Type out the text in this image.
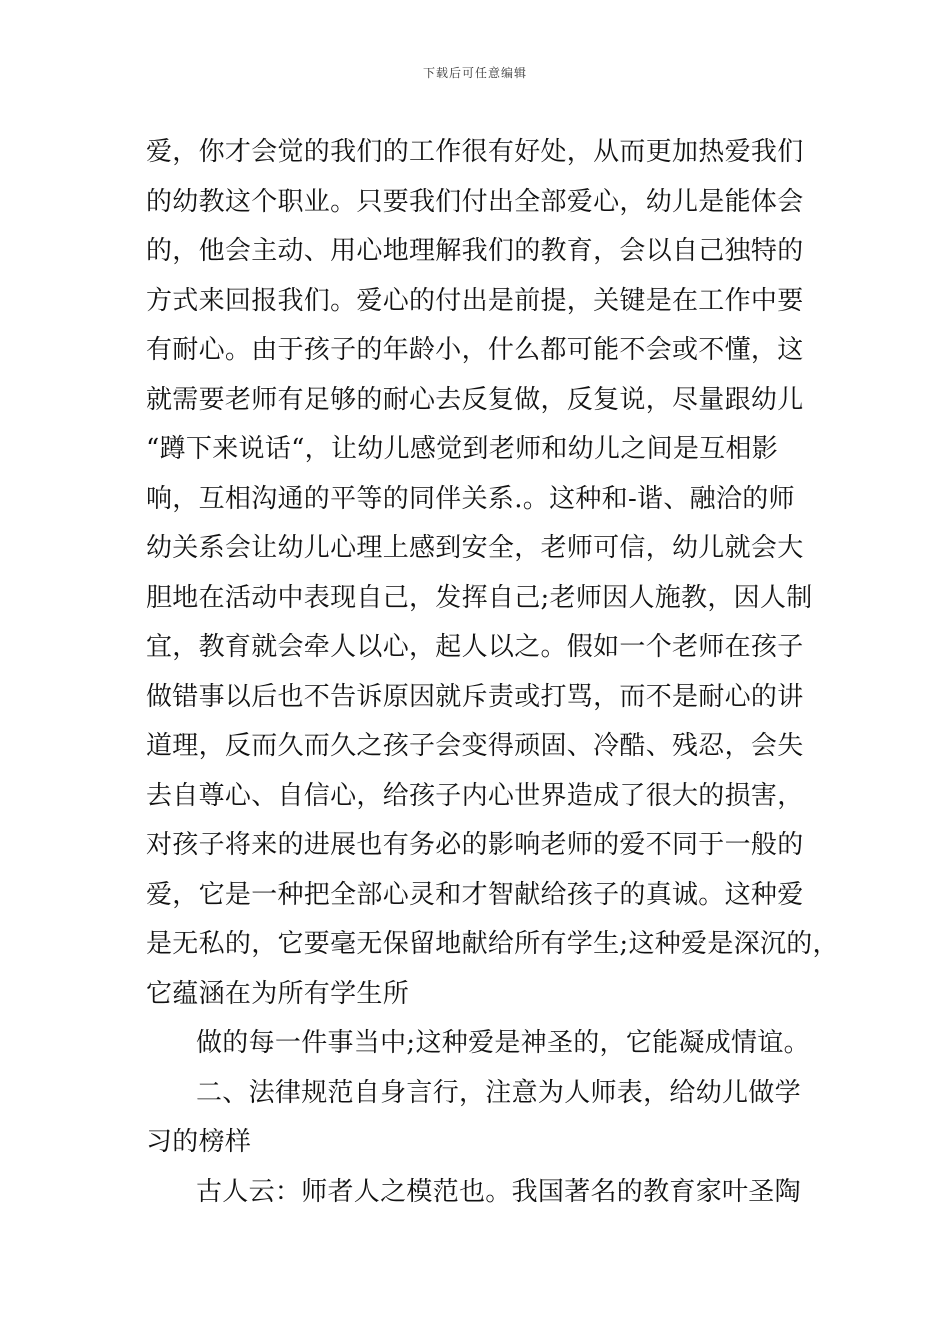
下载后可任意编辑
爱，你才会觉的我们的工作很有好处，从而更加热爱我们
的幼教这个职业。只要我们付出全部爱心，幼儿是能体会
的，他会主动、用心地理解我们的教育，会以自己独特的
方式来回报我们。爱心的付出是前提，关键是在工作中要
有耐心。由于孩子的年龄小，什么都可能不会或不懂，这
就需要老师有足够的耐心去反复做，反复说，尽量跟幼儿
“蹲下来说话“，让幼儿感觉到老师和幼儿之间是互相影
响，互相沟通的平等的同伴关系.。这种和-谐、融洽的师
幼关系会让幼儿心理上感到安全，老师可信，幼儿就会大
胆地在活动中表现自己，发挥自己;老师因人施教，因人制
宜，教育就会牵人以心，起人以之。假如一个老师在孩子
做错事以后也不告诉原因就斥责或打骂，而不是耐心的讲
道理，反而久而久之孩子会变得顽固、冷酷、残忍，会失
去自尊心、自信心，给孩子内心世界造成了很大的损害，
对孩子将来的进展也有务必的影响老师的爱不同于一般的
爱，它是一种把全部心灵和才智献给孩子的真诚。这种爱
是无私的，它要毫无保留地献给所有学生;这种爱是深沉的，
它蕴涵在为所有学生所
做的每一件事当中;这种爱是神圣的，它能凝成情谊。
二、法律规范自身言行，注意为人师表，给幼儿做学
习的榜样
古人云：师者人之模范也。我国著名的教育家叶圣陶
